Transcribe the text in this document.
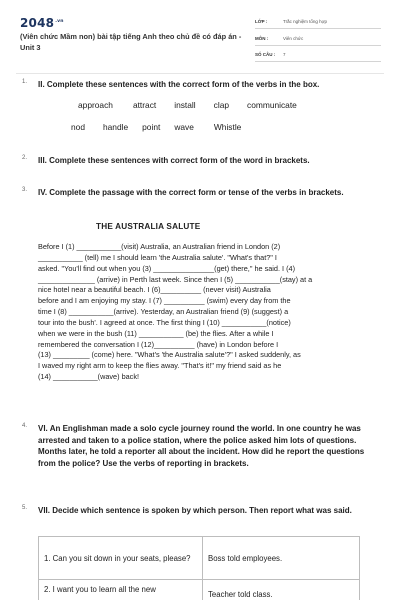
$2048^{.vn}$
(Viên chức Mầm non) bài tập tiếng Anh theo chủ đề có đáp án - Unit 3
LỚP :	Trắc nghiệm tổng hợp
MÔN :	Viên chức
SỐ CÂU :	7
1. II. Complete these sentences with the correct form of the verbs in the box.
approach attract install clap communicate
nod handle point wave Whistle
2. III. Complete these sentences with correct form of the word in brackets.
3. IV. Complete the passage with the correct form or tense of the verbs in brackets.
THE AUSTRALIA SALUTE
Before I (1) ___________(visit) Australia, an Australian friend in London (2)
___________ (tell) me I should learn 'the Australia salute'. "What's that?" I
asked. "You'll find out when you (3) _______________(get) there," he said. I (4)
______________ (arrive) in Perth last week. Since then I (5) ___________(stay) at a
nice hotel near a beautiful beach. I (6)__________ (never visit) Australia
before and I am enjoying my stay. I (7) __________ (swim) every day from the
time I (8) ___________(arrive). Yesterday, an Australian friend (9) (suggest) a
tour into the bush'. I agreed at once. The first thing I (10) ___________(notice)
when we were in the bush (11) ___________ (be) the flies. After a while I
remembered the conversation I (12)__________ (have) in London before I
(13) _________ (come) here. "What's 'the Australia salute'?" I asked suddenly, as
I waved my right arm to keep the flies away. "That's it!" my friend said as he
(14) ___________(wave) back!
4. VI. An Englishman made a solo cycle journey round the world. In one country he was arrested and taken to a police station, where the police asked him lots of questions. Months later, he told a reporter all about the incident. How did he report the questions from the police? Use the verbs of reporting in brackets.
5. VII. Decide which sentence is spoken by which person. Then report what was said.
1. Can you sit down in your seats, please?	Boss told employees.
2. I want you to learn all the new	Teacher told class.
